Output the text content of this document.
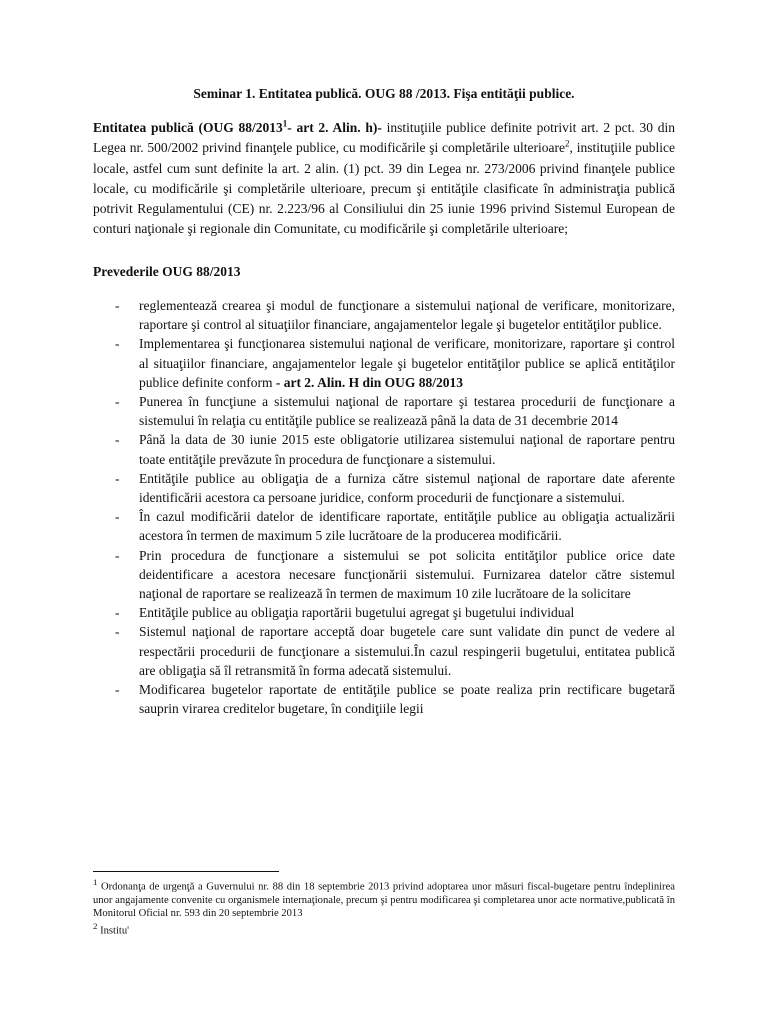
Seminar 1. Entitatea publică. OUG 88 /2013. Fişa entităţii publice.

Entitatea publică (OUG 88/2013$^1$- art 2. Alin. h)- instituţiile publice definite potrivit art. 2 pct. 30 din Legea nr. 500/2002 privind finanţele publice, cu modificările şi completările ulterioare$^2$, instituţiile publice locale, astfel cum sunt definite la art. 2 alin. (1) pct. 39 din Legea nr. 273/2006 privind finanţele publice locale, cu modificările şi completările ulterioare, precum şi entităţile clasificate în administraţia publică potrivit Regulamentului (CE) nr. 2.223/96 al Consiliului din 25 iunie 1996 privind Sistemul European de conturi naţionale şi regionale din Comunitate, cu modificările şi completările ulterioare;

Prevederile OUG 88/2013
- reglementează crearea şi modul de funcţionare a sistemului naţional de verificare, monitorizare, raportare şi control al situaţiilor financiare, angajamentelor legale şi bugetelor entităţilor publice.
- Implementarea şi funcţionarea sistemului naţional de verificare, monitorizare, raportare şi control al situaţiilor financiare, angajamentelor legale şi bugetelor entităţilor publice se aplică entităţilor publice definite conform - art 2. Alin. H din OUG 88/2013
- Punerea în funcţiune a sistemului naţional de raportare şi testarea procedurii de funcţionare a sistemului în relaţia cu entităţile publice se realizează până la data de 31 decembrie 2014
- Până la data de 30 iunie 2015 este obligatorie utilizarea sistemului naţional de raportare pentru toate entităţile prevăzute în procedura de funcţionare a sistemului.
- Entităţile publice au obligaţia de a furniza către sistemul naţional de raportare date aferente identificării acestora ca persoane juridice, conform procedurii de funcţionare a sistemului.
- În cazul modificării datelor de identificare raportate, entităţile publice au obligaţia actualizării acestora în termen de maximum 5 zile lucrătoare de la producerea modificării.
- Prin procedura de funcţionare a sistemului se pot solicita entităţilor publice orice date deidentificare a acestora necesare funcţionării sistemului. Furnizarea datelor către sistemul naţional de raportare se realizează în termen de maximum 10 zile lucrătoare de la solicitare
- Entităţile publice au obligaţia raportării bugetului agregat şi bugetului individual
- Sistemul naţional de raportare acceptă doar bugetele care sunt validate din punct de vedere al respectării procedurii de funcţionare a sistemului.În cazul respingerii bugetului, entitatea publică are obligaţia să îl retransmită în forma adecată sistemului.
- Modificarea bugetelor raportate de entităţile publice se poate realiza prin rectificare bugetară sauprin virarea creditelor bugetare, în condiţiile legii
$^1$ Ordonanţa de urgenţă a Guvernului nr. 88 din 18 septembrie 2013 privind adoptarea unor măsuri fiscal-bugetare pentru îndeplinirea unor angajamente convenite cu organismele internaţionale, precum şi pentru modificarea şi completarea unor acte normative,publicată în Monitorul Oficial nr. 593 din 20 septembrie 2013
$^2$ Institu'
